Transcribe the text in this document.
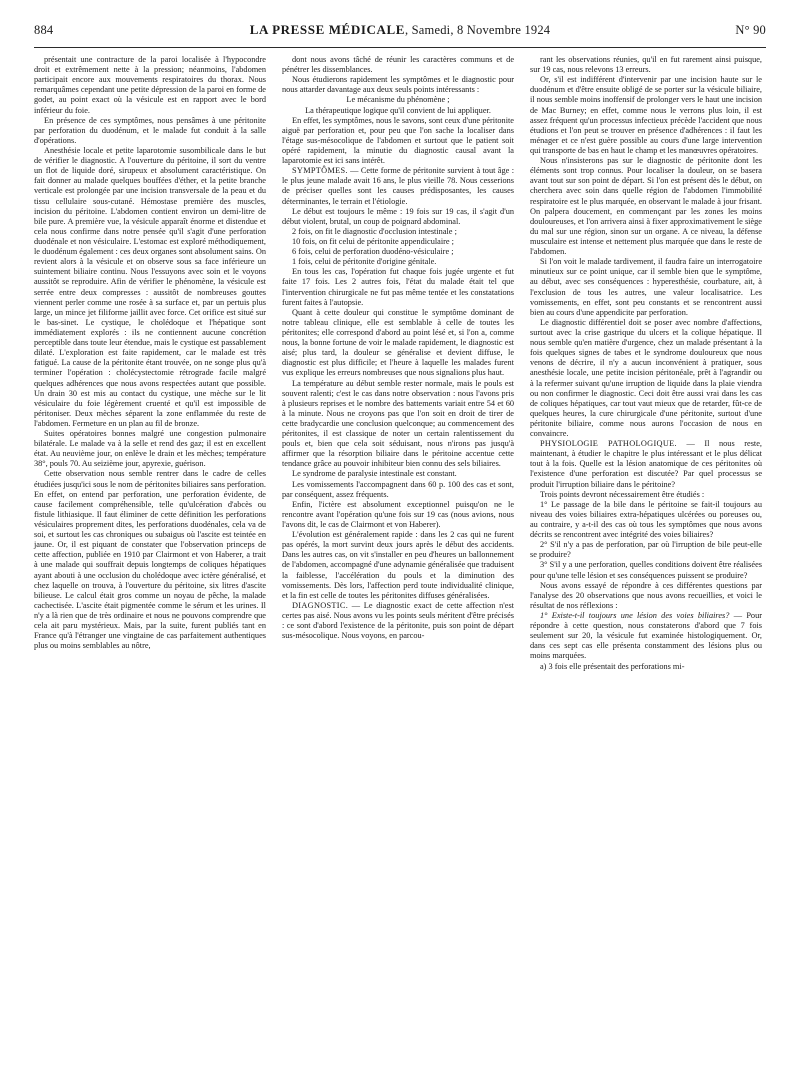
884	LA PRESSE MÉDICALE, Samedi, 8 Novembre 1924	N° 90

présentait une contracture de la paroi localisée à l'hypocondre droit et extrêmement nette à la pression; néanmoins, l'abdomen participait encore aux mouvements respiratoires du thorax. Nous remarquâmes cependant une petite dépression de la paroi en forme de godet, au point exact où la vésicule est en rapport avec le bord inférieur du foie.

En présence de ces symptômes, nous pensâmes à une péritonite par perforation du duodénum, et le malade fut conduit à la salle d'opérations.

Anesthésie locale et petite laparotomie susombilicale dans le but de vérifier le diagnostic. A l'ouverture du péritoine, il sort du ventre un flot de liquide doré, sirupeux et absolument caractéristique. On fait donner au malade quelques bouffées d'éther, et la petite branche verticale est prolongée par une incision transversale de la peau et du tissu cellulaire sous-cutané. Hémostase première des muscles, incision du péritoine. L'abdomen contient environ un demi-litre de bile pure. A première vue, la vésicule apparaît énorme et distendue et cela nous confirme dans notre pensée qu'il s'agit d'une perforation duodénale et non vésiculaire. L'estomac est exploré méthodiquement, le duodénum également : ces deux organes sont absolument sains. On revient alors à la vésicule et on observe sous sa face inférieure un suintement biliaire continu. Nous l'essuyons avec soin et le voyons aussitôt se reproduire. Afin de vérifier le phénomène, la vésicule est serrée entre deux compresses : aussitôt de nombreuses gouttes viennent perler comme une rosée à sa surface et, par un pertuis plus large, un mince jet filiforme jaillit avec force. Cet orifice est situé sur le bas-sinet. Le cystique, le cholédoque et l'hépatique sont immédiatement explorés : ils ne contiennent aucune concrétion perceptible dans toute leur étendue, mais le cystique est passablement dilaté. L'exploration est faite rapidement, car le malade est très fatigué. La cause de la péritonite étant trouvée, on ne songe plus qu'à terminer l'opération : cholécystectomie rétrograde facile malgré quelques adhérences que nous avons respectées autant que possible. Un drain 30 est mis au contact du cystique, une mèche sur le lit vésiculaire du foie légèrement cruenté et qu'il est impossible de péritoniser. Deux mèches séparent la zone enflammée du reste de l'abdomen. Fermeture en un plan au fil de bronze.

Suites opératoires bonnes malgré une congestion pulmonaire bilatérale. Le malade va à la selle et rend des gaz; il est en excellent état. Au neuvième jour, on enlève le drain et les mèches; température 38°, pouls 70. Au seizième jour, apyrexie, guérison.

Cette observation nous semble rentrer dans le cadre de celles étudiées jusqu'ici sous le nom de péritonites biliaires sans perforation. En effet, on entend par perforation, une perforation évidente, de cause facilement compréhensible, telle qu'ulcération d'abcès ou fistule lithiasique. Il faut éliminer de cette définition les perforations vésiculaires proprement dites, les perforations duodénales, cela va de soi, et surtout les cas chroniques ou subaigus où l'ascite est teintée en jaune. Or, il est piquant de constater que l'observation princeps de cette affection, publiée en 1910 par Clairmont et von Haberer, a trait à une malade qui souffrait depuis longtemps de coliques hépatiques ayant abouti à une occlusion du cholédoque avec ictère généralisé, et chez laquelle on trouva, à l'ouverture du péritoine, six litres d'ascite bilieuse. Le calcul était gros comme un noyau de pêche, la malade cachectisée. L'ascite était pigmentée comme le sérum et les urines. Il n'y a là rien que de très ordinaire et nous ne pouvons comprendre que cela ait paru mystérieux. Mais, par la suite, furent publiés tant en France qu'à l'étranger une vingtaine de cas parfaitement authentiques plus ou moins semblables au nôtre,

dont nous avons tâché de réunir les caractères communs et de pénétrer les dissemblances.

Nous étudierons rapidement les symptômes et le diagnostic pour nous attarder davantage aux deux seuls points intéressants :

Le mécanisme du phénomène ;

La thérapeutique logique qu'il convient de lui appliquer.

En effet, les symptômes, nous le savons, sont ceux d'une péritonite aiguë par perforation et, pour peu que l'on sache la localiser dans l'étage sus-mésocolique de l'abdomen et surtout que le patient soit opéré rapidement, la minutie du diagnostic causal avant la laparotomie est ici sans intérêt.

SYMPTÔMES. — Cette forme de péritonite survient à tout âge : le plus jeune malade avait 16 ans, le plus vieille 78. Nous cesserions de préciser quelles sont les causes prédisposantes, les causes déterminantes, le terrain et l'étiologie.

Le début est toujours le même : 19 fois sur 19 cas, il s'agit d'un début violent, brutal, un coup de poignard abdominal.

2 fois, on fit le diagnostic d'occlusion intestinale ;

10 fois, on fit celui de péritonite appendiculaire ;

6 fois, celui de perforation duodéno-vésiculaire ;

1 fois, celui de péritonite d'origine génitale.

En tous les cas, l'opération fut chaque fois jugée urgente et fut faite 17 fois. Les 2 autres fois, l'état du malade était tel que l'intervention chirurgicale ne fut pas même tentée et les constatations furent faites à l'autopsie.

Quant à cette douleur qui constitue le symptôme dominant de notre tableau clinique, elle est semblable à celle de toutes les péritonites; elle correspond d'abord au point lésé et, si l'on a, comme nous, la bonne fortune de voir le malade rapidement, le diagnostic est aisé; plus tard, la douleur se généralise et devient diffuse, le diagnostic est plus difficile; et l'heure à laquelle les malades furent vus explique les erreurs nombreuses que nous signalions plus haut.

La température au début semble rester normale, mais le pouls est souvent ralenti; c'est le cas dans notre observation : nous l'avons pris à plusieurs reprises et le nombre des battements variait entre 54 et 60 à la minute. Nous ne croyons pas que l'on soit en droit de tirer de cette bradycardie une conclusion quelconque; au commencement des péritonites, il est classique de noter un certain ralentissement du pouls et, bien que cela soit séduisant, nous n'irons pas jusqu'à affirmer que la résorption biliaire dans le péritoine accentue cette tendance grâce au pouvoir inhibiteur bien connu des sels biliaires.

Le syndrome de paralysie intestinale est constant.

Les vomissements l'accompagnent dans 60 p. 100 des cas et sont, par conséquent, assez fréquents.

Enfin, l'ictère est absolument exceptionnel puisqu'on ne le rencontre avant l'opération qu'une fois sur 19 cas (nous avions, nous l'avons dit, le cas de Clairmont et von Haberer).

L'évolution est généralement rapide : dans les 2 cas qui ne furent pas opérés, la mort survint deux jours après le début des accidents. Dans les autres cas, on vit s'installer en peu d'heures un ballonnement de l'abdomen, accompagné d'une adynamie généralisée que traduisent la faiblesse, l'accélération du pouls et la diminution des vomissements. Dès lors, l'affection perd toute individualité clinique, et la fin est celle de toutes les péritonites diffuses généralisées.

DIAGNOSTIC. — Le diagnostic exact de cette affection n'est certes pas aisé. Nous avons vu les points seuls méritent d'être précisés : ce sont d'abord l'existence de la péritonite, puis son point de départ sus-mésocolique. Nous voyons, en parcou-

rant les observations réunies, qu'il en fut rarement ainsi puisque, sur 19 cas, nous relevons 13 erreurs.

Or, s'il est indifférent d'intervenir par une incision haute sur le duodénum et d'être ensuite obligé de se porter sur la vésicule biliaire, il nous semble moins inoffensif de prolonger vers le haut une incision de Mac Burney; en effet, comme nous le verrons plus loin, il est assez fréquent qu'un processus infectieux précède l'accident que nous étudions et l'on peut se trouver en présence d'adhérences : il faut les ménager et ce n'est guère possible au cours d'une large intervention qui transporte de bas en haut le champ et les manœuvres opératoires.

Nous n'insisterons pas sur le diagnostic de péritonite dont les éléments sont trop connus. Pour localiser la douleur, on se basera avant tout sur son point de départ. Si l'on est présent dès le début, on cherchera avec soin dans quelle région de l'abdomen l'immobilité respiratoire est le plus marquée, en observant le malade à jour frisant. On palpera doucement, en commençant par les zones les moins douloureuses, et l'on arrivera ainsi à fixer approximativement le siège du mal sur une région, sinon sur un organe. A ce niveau, la défense musculaire est intense et nettement plus marquée que dans le reste de l'abdomen.

Si l'on voit le malade tardivement, il faudra faire un interrogatoire minutieux sur ce point unique, car il semble bien que le symptôme, au début, avec ses conséquences : hyperesthésie, courbature, ait, à l'exclusion de tous les autres, une valeur localisatrice. Les vomissements, en effet, sont peu constants et se rencontrent aussi bien au cours d'une appendicite par perforation.

Le diagnostic différentiel doit se poser avec nombre d'affections, surtout avec la crise gastrique du ulcers et la colique hépatique. Il nous semble qu'en matière d'urgence, chez un malade présentant à la fois quelques signes de tabes et le syndrome douloureux que nous venons de décrire, il n'y a aucun inconvénient à pratiquer, sous anesthésie locale, une petite incision péritonéale, prêt à l'agrandir ou à la refermer suivant qu'une irruption de liquide dans la plaie viendra ou non confirmer le diagnostic. Ceci doit être aussi vrai dans les cas de coliques hépatiques, car tout vaut mieux que de retarder, fût-ce de quelques heures, la cure chirurgicale d'une péritonite, surtout d'une péritonite biliaire, comme nous aurons l'occasion de nous en convaincre.

PHYSIOLOGIE PATHOLOGIQUE. — Il nous reste, maintenant, à étudier le chapitre le plus intéressant et le plus délicat tout à la fois. Quelle est la lésion anatomique de ces péritonites où l'existence d'une perforation est discutée? Par quel processus se produit l'irruption biliaire dans le péritoine?

Trois points devront nécessairement être étudiés :

1° Le passage de la bile dans le péritoine se fait-il toujours au niveau des voies biliaires extra-hépatiques ulcérées ou poreuses ou, au contraire, y a-t-il des cas où tous les symptômes que nous avons décrits se rencontrent avec intégrité des voies biliaires?

2° S'il n'y a pas de perforation, par où l'irruption de bile peut-elle se produire?

3° S'il y a une perforation, quelles conditions doivent être réalisées pour qu'une telle lésion et ses conséquences puissent se produire?

Nous avons essayé de répondre à ces différentes questions par l'analyse des 20 observations que nous avons recueillies, et voici le résultat de nos réflexions :

1° Existe-t-il toujours une lésion des voies biliaires? — Pour répondre à cette question, nous constaterons d'abord que 7 fois seulement sur 20, la vésicule fut examinée histologiquement. Or, dans ces sept cas elle présenta constamment des lésions plus ou moins marquées.

a) 3 fois elle présentait des perforations mi-
